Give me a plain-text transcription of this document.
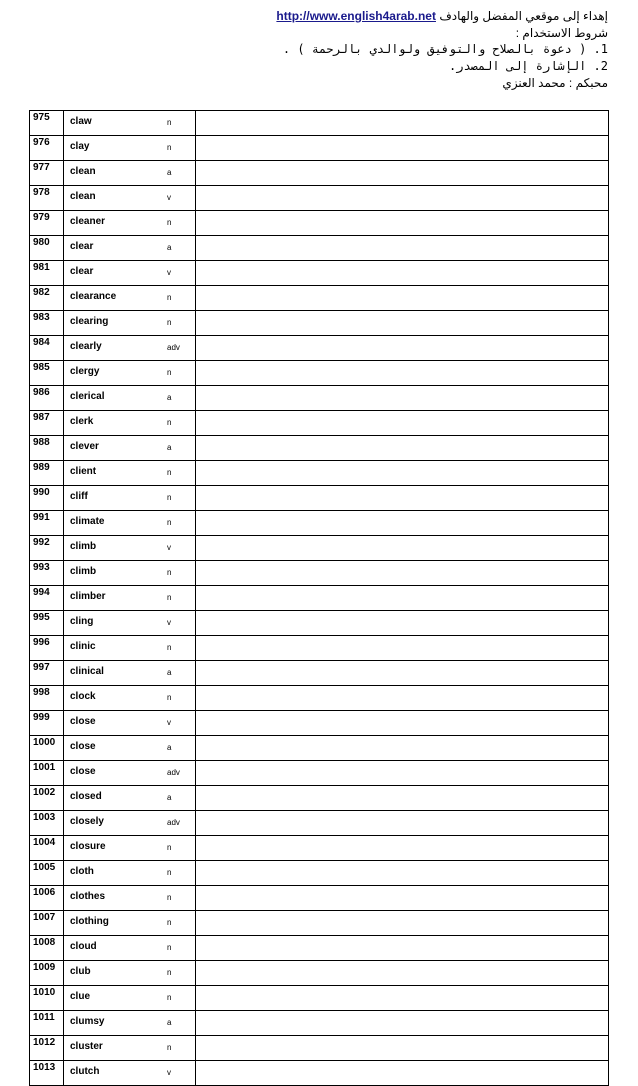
إهداء إلى موقعي المفضل والهادف http://www.english4arab.net
شروط الاستخدام :
1. ( دعوة بالصلاح والتوفيق ولوالدي بالرحمة ) .
2. الإشارة إلى المصدر.
محبكم : محمد العنزي
975	claw	n	
976	clay	n	
977	clean	a	
978	clean	v	
979	cleaner	n	
980	clear	a	
981	clear	v	
982	clearance	n	
983	clearing	n	
984	clearly	adv	
985	clergy	n	
986	clerical	a	
987	clerk	n	
988	clever	a	
989	client	n	
990	cliff	n	
991	climate	n	
992	climb	v	
993	climb	n	
994	climber	n	
995	cling	v	
996	clinic	n	
997	clinical	a	
998	clock	n	
999	close	v	
1000	close	a	
1001	close	adv	
1002	closed	a	
1003	closely	adv	
1004	closure	n	
1005	cloth	n	
1006	clothes	n	
1007	clothing	n	
1008	cloud	n	
1009	club	n	
1010	clue	n	
1011	clumsy	a	
1012	cluster	n	
1013	clutch	v	
